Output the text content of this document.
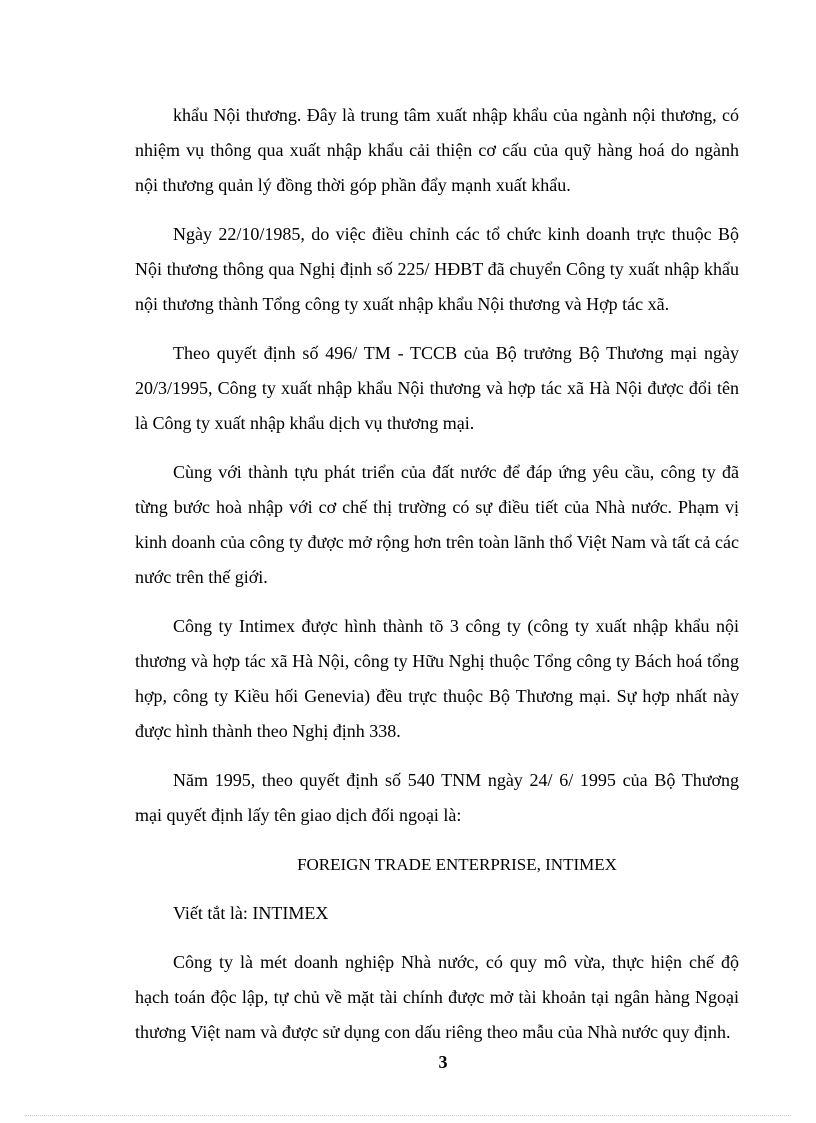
khẩu Nội thương. Đây là trung tâm xuất nhập khẩu của ngành nội thương, có nhiệm vụ thông qua xuất nhập khẩu cải thiện cơ cấu của quỹ hàng hoá do ngành nội thương quản lý đồng thời góp phần đẩy mạnh xuất khẩu.

Ngày 22/10/1985, do việc điều chỉnh các tổ chức kinh doanh trực thuộc Bộ Nội thương thông qua Nghị định số 225/ HĐBT đã chuyển Công ty xuất nhập khẩu nội thương thành Tổng công ty xuất nhập khẩu Nội thương và Hợp tác xã.

Theo quyết định số 496/ TM - TCCB của Bộ trưởng Bộ Thương mại ngày 20/3/1995, Công ty xuất nhập khẩu Nội thương và hợp tác xã Hà Nội được đổi tên là Công ty xuất nhập khẩu dịch vụ thương mại.

Cùng với thành tựu phát triển của đất nước để đáp ứng yêu cầu, công ty đã từng bước hoà nhập với cơ chế thị trường có sự điều tiết của Nhà nước. Phạm vị kinh doanh của công ty được mở rộng hơn trên toàn lãnh thổ Việt Nam và tất cả các nước trên thế giới.

Công ty Intimex được hình thành tõ 3 công ty (công ty xuất nhập khẩu nội thương và hợp tác xã Hà Nội, công ty Hữu Nghị thuộc Tổng công ty Bách hoá tổng hợp, công ty Kiều hối Genevia) đều trực thuộc Bộ Thương mại. Sự hợp nhất này được hình thành theo Nghị định 338.

Năm 1995, theo quyết định số 540 TNM ngày 24/ 6/ 1995 của Bộ Thương mại quyết định lấy tên giao dịch đối ngoại là:

FOREIGN TRADE ENTERPRISE, INTIMEX

Viết tắt là: INTIMEX

Công ty là mét doanh nghiệp Nhà nước, có quy mô vừa, thực hiện chế độ hạch toán độc lập, tự chủ về mặt tài chính được mở tài khoản tại ngân hàng Ngoại thương Việt nam và được sử dụng con dấu riêng theo mẫu của Nhà nước quy định.

3
